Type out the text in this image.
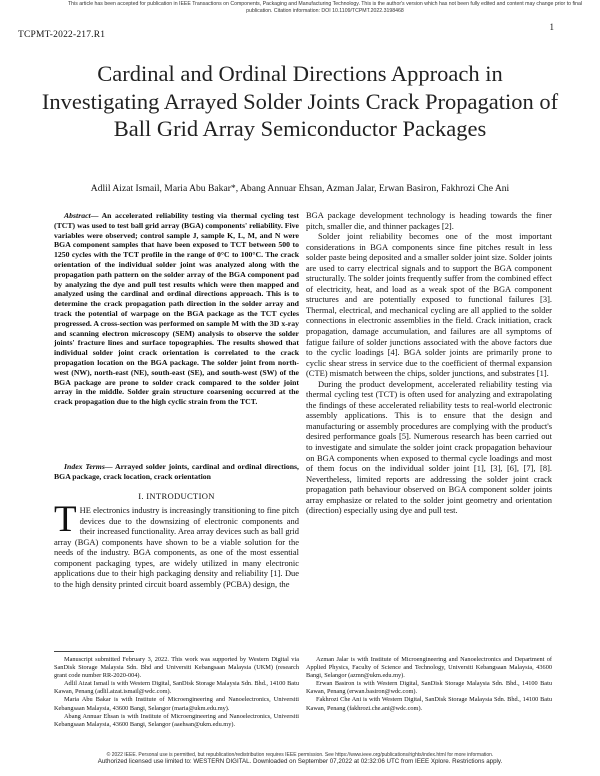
This article has been accepted for publication in IEEE Transactions on Components, Packaging and Manufacturing Technology. This is the author's version which has not been fully edited and content may change prior to final publication. Citation information: DOI 10.1109/TCPMT.2022.3198468
1
TCPMT-2022-217.R1
Cardinal and Ordinal Directions Approach in Investigating Arrayed Solder Joints Crack Propagation of Ball Grid Array Semiconductor Packages
Adlil Aizat Ismail, Maria Abu Bakar*, Abang Annuar Ehsan, Azman Jalar, Erwan Basiron, Fakhrozi Che Ani
Abstract— An accelerated reliability testing via thermal cycling test (TCT) was used to test ball grid array (BGA) components' reliability. Five variables were observed; control sample J, sample K, L, M, and N were BGA component samples that have been exposed to TCT between 500 to 1250 cycles with the TCT profile in the range of 0°C to 100°C. The crack orientation of the individual solder joint was analyzed along with the propagation path pattern on the solder array of the BGA component pad by analyzing the dye and pull test results which were then mapped and analyzed using the cardinal and ordinal directions approach. This is to determine the crack propagation path direction in the solder array and track the potential of warpage on the BGA package as the TCT cycles progressed. A cross-section was performed on sample M with the 3D x-ray and scanning electron microscopy (SEM) analysis to observe the solder joints' fracture lines and surface topographies. The results showed that individual solder joint crack orientation is correlated to the crack propagation location on the BGA package. The solder joint from north-west (NW), north-east (NE), south-east (SE), and south-west (SW) of the BGA package are prone to solder crack compared to the solder joint array in the middle. Solder grain structure coarsening occurred at the crack propagation due to the high cyclic strain from the TCT.
Index Terms— Arrayed solder joints, cardinal and ordinal directions, BGA package, crack location, crack orientation
I. INTRODUCTION
THE electronics industry is increasingly transitioning to fine pitch devices due to the downsizing of electronic components and their increased functionality. Area array devices such as ball grid array (BGA) components have shown to be a viable solution for the needs of the industry. BGA components, as one of the most essential component packaging types, are widely utilized in many electronic applications due to their high packaging density and reliability [1]. Due to the high density printed circuit board assembly (PCBA) design, the

BGA package development technology is heading towards the finer pitch, smaller die, and thinner packages [2].

Solder joint reliability becomes one of the most important considerations in BGA components since fine pitches result in less solder paste being deposited and a smaller solder joint size. Solder joints are used to carry electrical signals and to support the BGA component structurally. The solder joints frequently suffer from the combined effect of electricity, heat, and load as a weak spot of the BGA component structures and are potentially exposed to functional failures [3]. Thermal, electrical, and mechanical cycling are all applied to the solder connections in electronic assemblies in the field. Crack initiation, crack propagation, damage accumulation, and failures are all symptoms of fatigue failure of solder junctions associated with the above factors due to the cyclic loadings [4]. BGA solder joints are primarily prone to cyclic shear stress in service due to the coefficient of thermal expansion (CTE) mismatch between the chips, solder junctions, and substrates [1].

During the product development, accelerated reliability testing via thermal cycling test (TCT) is often used for analyzing and extrapolating the findings of these accelerated reliability tests to real-world electronic assembly applications. This is to ensure that the design and manufacturing or assembly procedures are complying with the product's desired performance goals [5]. Numerous research has been carried out to investigate and simulate the solder joint crack propagation behaviour on BGA components when exposed to thermal cycle loadings and most of them focus on the individual solder joint [1], [3], [6], [7], [8]. Nevertheless, limited reports are addressing the solder joint crack propagation path behaviour observed on BGA component solder joints array emphasize or related to the solder joint geometry and orientation (direction) especially using dye and pull test.

Manuscript submitted February 3, 2022. This work was supported by Western Digital via SanDisk Storage Malaysia Sdn. Bhd and Universiti Kebangsaan Malaysia (UKM) (research grant code number RR-2020-004).

Adlil Aizat Ismail is with Western Digital, SanDisk Storage Malaysia Sdn. Bhd., 14100 Batu Kawan, Penang (adlil.aizat.ismail@wdc.com).

Maria Abu Bakar is with Institute of Microengineering and Nanoelectronics, Universiti Kebangsaan Malaysia, 43600 Bangi, Selangor (maria@ukm.edu.my).

Abang Annuar Ehsan is with Institute of Microengineering and Nanoelectronics, Universiti Kebangsaan Malaysia, 43600 Bangi, Selangor (aaehsan@ukm.edu.my).

Azman Jalar is with Institute of Microengineering and Nanoelectronics and Department of Applied Physics, Faculty of Science and Technology, Universiti Kebangsaan Malaysia, 43600 Bangi, Selangor (azmn@ukm.edu.my).

Erwan Basiron is with Western Digital, SanDisk Storage Malaysia Sdn. Bhd., 14100 Batu Kawan, Penang (erwan.basiron@wdc.com).

Fakhrozi Che Ani is with Western Digital, SanDisk Storage Malaysia Sdn. Bhd., 14100 Batu Kawan, Penang (fakhrozi.che.ani@wdc.com).

© 2022 IEEE. Personal use is permitted, but republication/redistribution requires IEEE permission. See https://www.ieee.org/publications/rights/index.html for more information.
Authorized licensed use limited to: WESTERN DIGITAL. Downloaded on September 07,2022 at 02:32:06 UTC from IEEE Xplore. Restrictions apply.
